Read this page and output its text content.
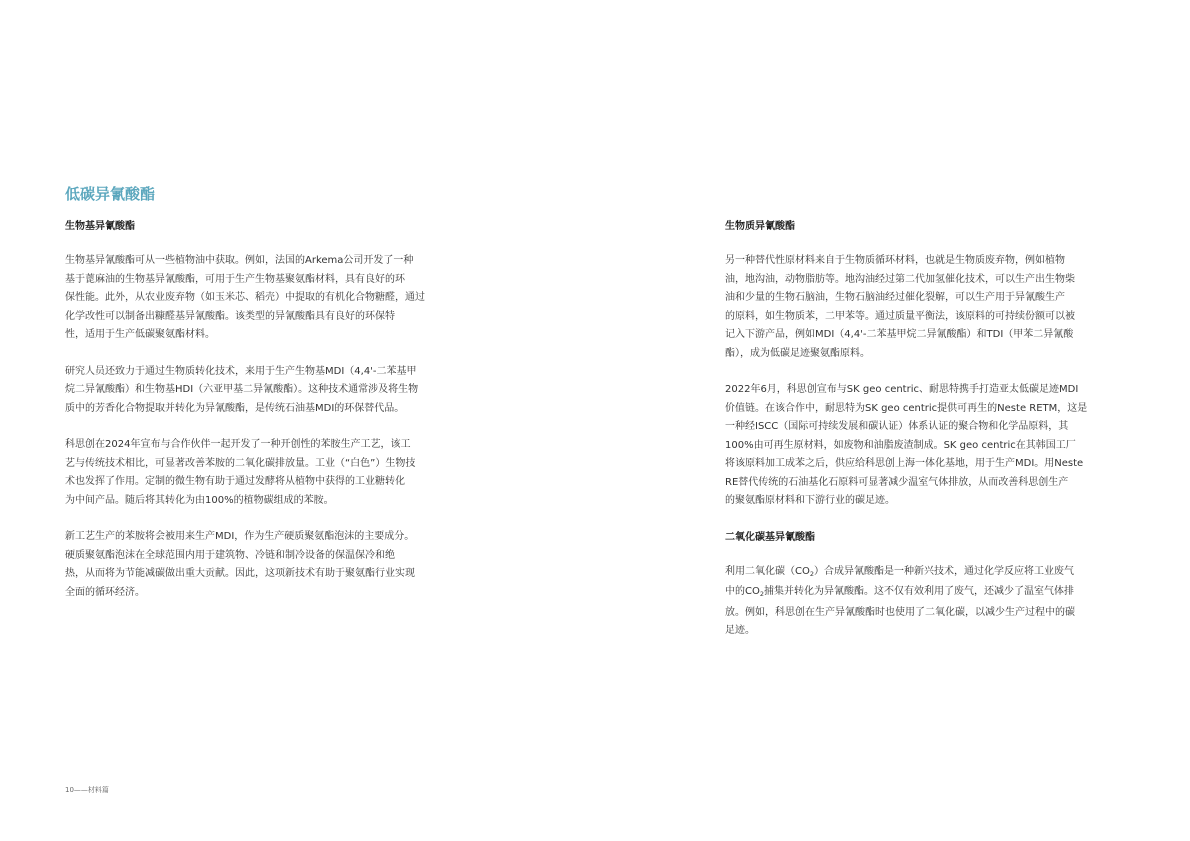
低碳异氰酸酯
生物基异氰酸酯

生物基异氰酸酯可从一些植物油中获取。例如，法国的Arkema公司开发了一种
基于蓖麻油的生物基异氰酸酯，可用于生产生物基聚氨酯材料，具有良好的环
保性能。此外，从农业废弃物（如玉米芯、稻壳）中提取的有机化合物糖醛，通过
化学改性可以制备出糠醛基异氰酸酯。该类型的异氰酸酯具有良好的环保特
性，适用于生产低碳聚氨酯材料。

研究人员还致力于通过生物质转化技术，来用于生产生物基MDI（4,4'-二苯基甲
烷二异氰酸酯）和生物基HDI（六亚甲基二异氰酸酯）。这种技术通常涉及将生物
质中的芳香化合物提取并转化为异氰酸酯，是传统石油基MDI的环保替代品。

科思创在2024年宣布与合作伙伴一起开发了一种开创性的苯胺生产工艺，该工
艺与传统技术相比，可显著改善苯胺的二氧化碳排放量。工业（“白色”）生物技
术也发挥了作用。定制的微生物有助于通过发酵将从植物中获得的工业糖转化
为中间产品。随后将其转化为由100%的植物碳组成的苯胺。

新工艺生产的苯胺将会被用来生产MDI，作为生产硬质聚氨酯泡沫的主要成分。
硬质聚氨酯泡沫在全球范围内用于建筑物、冷链和制冷设备的保温保冷和绝
热，从而将为节能减碳做出重大贡献。因此，这项新技术有助于聚氨酯行业实现
全面的循环经济。

生物质异氰酸酯

另一种替代性原材料来自于生物质循环材料，也就是生物质废弃物，例如植物
油，地沟油，动物脂肪等。地沟油经过第二代加氢催化技术，可以生产出生物柴
油和少量的生物石脑油，生物石脑油经过催化裂解，可以生产用于异氰酸生产
的原料，如生物质苯，二甲苯等。通过质量平衡法，该原料的可持续份额可以被
记入下游产品，例如MDI（4,4'-二苯基甲烷二异氰酸酯）和TDI（甲苯二异氰酸
酯），成为低碳足迹聚氨酯原料。

2022年6月，科思创宣布与SK geo centric、耐思特携手打造亚太低碳足迹MDI
价值链。在该合作中，耐思特为SK geo centric提供可再生的Neste RETM，这是
一种经ISCC（国际可持续发展和碳认证）体系认证的聚合物和化学品原料，其
100%由可再生原材料，如废物和油脂废渣制成。SK geo centric在其韩国工厂
将该原料加工成苯之后，供应给科思创上海一体化基地，用于生产MDI。用Neste
RE替代传统的石油基化石原料可显著减少温室气体排放，从而改善科思创生产
的聚氨酯原材料和下游行业的碳足迹。

二氧化碳基异氰酸酯

利用二氧化碳$(CO_2)$合成异氰酸酯是一种新兴技术，通过化学反应将工业废气
中的$CO_2$捕集并转化为异氰酸酯。这不仅有效利用了废气，还减少了温室气体排
放。例如，科思创在生产异氰酸酯时也使用了二氧化碳，以减少生产过程中的碳
足迹。

10——材料篇
